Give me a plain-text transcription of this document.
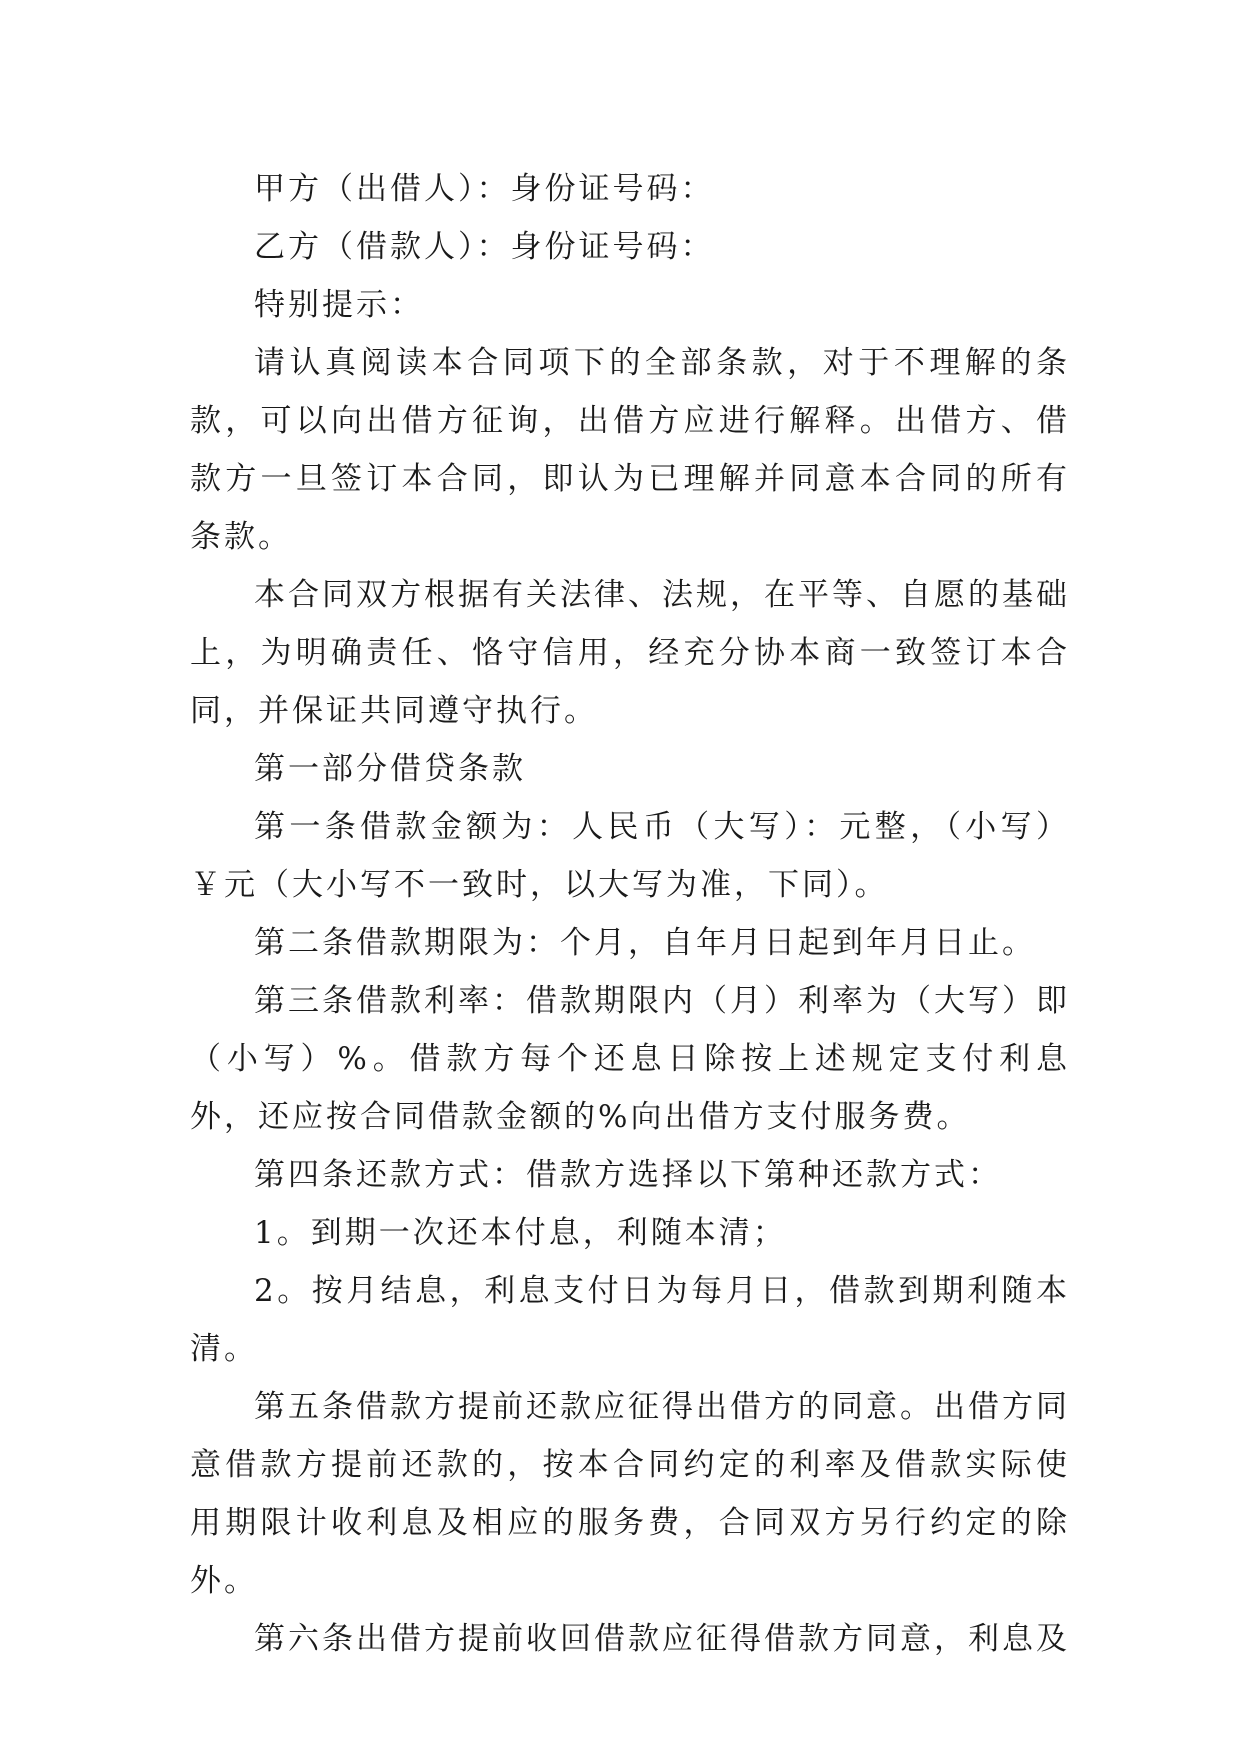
甲方（出借人）：身份证号码：

乙方（借款人）：身份证号码：

特别提示：

请认真阅读本合同项下的全部条款，对于不理解的条款，可以向出借方征询，出借方应进行解释。出借方、借款方一旦签订本合同，即认为已理解并同意本合同的所有条款。

本合同双方根据有关法律、法规，在平等、自愿的基础上，为明确责任、恪守信用，经充分协本商一致签订本合同，并保证共同遵守执行。

第一部分借贷条款

第一条借款金额为：人民币（大写）：元整，（小写）￥元（大小写不一致时，以大写为准，下同）。

第二条借款期限为：个月，自年月日起到年月日止。

第三条借款利率：借款期限内（月）利率为（大写）即（小写）%。借款方每个还息日除按上述规定支付利息外，还应按合同借款金额的%向出借方支付服务费。

第四条还款方式：借款方选择以下第种还款方式：

1。到期一次还本付息，利随本清；

2。按月结息，利息支付日为每月日，借款到期利随本清。

第五条借款方提前还款应征得出借方的同意。出借方同意借款方提前还款的，按本合同约定的利率及借款实际使用期限计收利息及相应的服务费，合同双方另行约定的除外。

第六条出借方提前收回借款应征得借款方同意，利息及
